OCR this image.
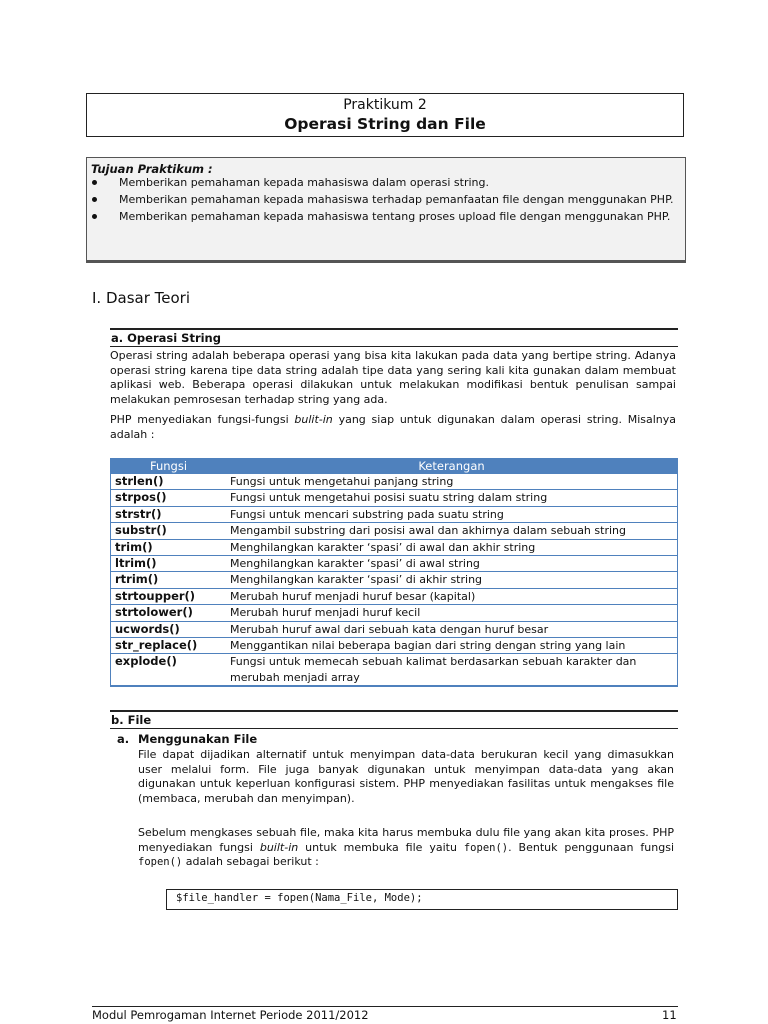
Praktikum 2
Operasi String dan File
Tujuan Praktikum :
Memberikan pemahaman kepada mahasiswa dalam operasi string.
Memberikan pemahaman kepada mahasiswa terhadap pemanfaatan file dengan menggunakan PHP.
Memberikan pemahaman kepada mahasiswa tentang proses upload file dengan menggunakan PHP.
I. Dasar Teori
a. Operasi String
Operasi string adalah beberapa operasi yang bisa kita lakukan pada data yang bertipe string. Adanya operasi string karena tipe data string adalah tipe data yang sering kali kita gunakan dalam membuat aplikasi web. Beberapa operasi dilakukan untuk melakukan modifikasi bentuk penulisan sampai melakukan pemrosesan terhadap string yang ada.
PHP menyediakan fungsi-fungsi bulit-in yang siap untuk digunakan dalam operasi string. Misalnya adalah :
Fungsi	Keterangan
strlen()	Fungsi untuk mengetahui panjang string
strpos()	Fungsi untuk mengetahui posisi suatu string dalam string
strstr()	Fungsi untuk mencari substring pada suatu string
substr()	Mengambil substring dari posisi awal dan akhirnya dalam sebuah string
trim()	Menghilangkan karakter ‘spasi’ di awal dan akhir string
ltrim()	Menghilangkan karakter ‘spasi’ di awal string
rtrim()	Menghilangkan karakter ‘spasi’ di akhir string
strtoupper()	Merubah huruf menjadi huruf besar (kapital)
strtolower()	Merubah huruf menjadi huruf kecil
ucwords()	Merubah huruf awal dari sebuah kata dengan huruf besar
str_replace()	Menggantikan nilai beberapa bagian dari string dengan string yang lain
explode()	Fungsi untuk memecah sebuah kalimat berdasarkan sebuah karakter dan merubah menjadi array
b. File
a. Menggunakan File
File dapat dijadikan alternatif untuk menyimpan data-data berukuran kecil yang dimasukkan user melalui form. File juga banyak digunakan untuk menyimpan data-data yang akan digunakan untuk keperluan konfigurasi sistem. PHP menyediakan fasilitas untuk mengakses file (membaca, merubah dan menyimpan).
Sebelum mengkases sebuah file, maka kita harus membuka dulu file yang akan kita proses. PHP menyediakan fungsi built-in untuk membuka file yaitu fopen(). Bentuk penggunaan fungsi fopen() adalah sebagai berikut :
$file_handler = fopen(Nama_File, Mode);
Modul Pemrogaman Internet Periode 2011/2012	11
